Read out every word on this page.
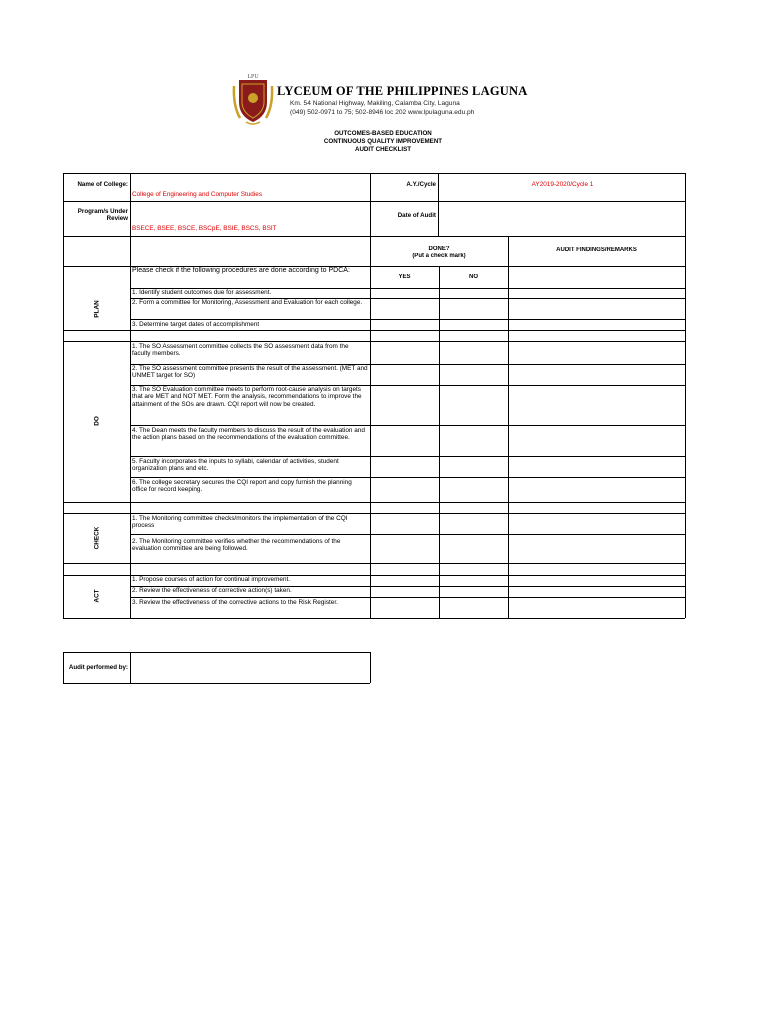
LPU
LYCEUM OF THE PHILIPPINES LAGUNA
Km. 54 National Highway, Makiling, Calamba City, Laguna
(049) 502-0971 to 75; 502-8946 loc 202 www.lpulaguna.edu.ph
OUTCOMES-BASED EDUCATION
CONTINUOUS QUALITY IMPROVEMENT
AUDIT CHECKLIST
Name of College:
College of Engineering and Computer Studies
A.Y./Cycle	AY2019-2020/Cycle 1
Program/s Under Review
BSECE, BSEE, BSCE, BSCpE, BSIE, BSCS, BSIT
Date of Audit
DONE?
(Put a check mark)
AUDIT FINDINGS/REMARKS
YES	NO
Please check if the following procedures are done according to PDCA:
PLAN
1. Identify student outcomes due for assessment.
2. Form a committee for Monitoring, Assessment and Evaluation for each college.
3. Determine target dates of accomplishment
DO
1. The SO Assessment committee collects the SO assessment data from the faculty members.
2. The SO assessment committee presents the result of the assessment. (MET and UNMET target for SO)
3. The SO Evaluation committee meets to perform root-cause analysis on targets that are MET and NOT MET. Form the analysis, recommendations to improve the attainment of the SOs are drawn. CQI report will now be created.
4. The Dean meets the faculty members to discuss the result of the evaluation and the action plans based on the recommendations of the evaluation committee.
5. Faculty incorporates the inputs to syllabi, calendar of activities, student organization plans and etc.
6. The college secretary secures the CQI report and copy furnish the planning office for record keeping.
CHECK
1. The Monitoring committee checks/monitors the implementation of the CQI process
2. The Monitoring committee verifies whether the recommendations of the evaluation committee are being followed.
ACT
1. Propose courses of action for continual improvement.
2. Review the effectiveness of corrective action(s) taken.
3. Review the effectiveness of the corrective actions to the Risk Register.
Audit performed by:
